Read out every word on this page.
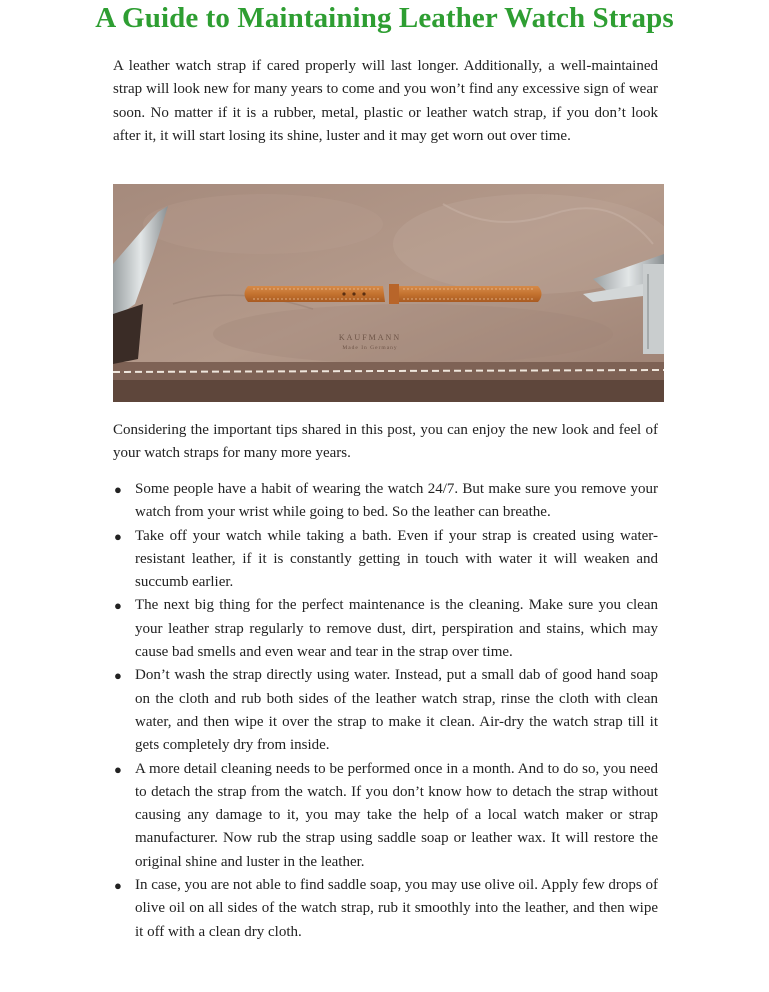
A Guide to Maintaining Leather Watch Straps

A leather watch strap if cared properly will last longer. Additionally, a well-maintained strap will look new for many years to come and you won’t find any excessive sign of wear soon. No matter if it is a rubber, metal, plastic or leather watch strap, if you don’t look after it, it will start losing its shine, luster and it may get worn out over time.

KAUFMANN
Made In Germany

Considering the important tips shared in this post, you can enjoy the new look and feel of your watch straps for many more years.

● Some people have a habit of wearing the watch 24/7. But make sure you remove your watch from your wrist while going to bed. So the leather can breathe.
● Take off your watch while taking a bath. Even if your strap is created using water-resistant leather, if it is constantly getting in touch with water it will weaken and succumb earlier.
● The next big thing for the perfect maintenance is the cleaning. Make sure you clean your leather strap regularly to remove dust, dirt, perspiration and stains, which may cause bad smells and even wear and tear in the strap over time.
● Don’t wash the strap directly using water. Instead, put a small dab of good hand soap on the cloth and rub both sides of the leather watch strap, rinse the cloth with clean water, and then wipe it over the strap to make it clean. Air-dry the watch strap till it gets completely dry from inside.
● A more detail cleaning needs to be performed once in a month. And to do so, you need to detach the strap from the watch. If you don’t know how to detach the strap without causing any damage to it, you may take the help of a local watch maker or strap manufacturer. Now rub the strap using saddle soap or leather wax. It will restore the original shine and luster in the leather.
● In case, you are not able to find saddle soap, you may use olive oil. Apply few drops of olive oil on all sides of the watch strap, rub it smoothly into the leather, and then wipe it off with a clean dry cloth.
